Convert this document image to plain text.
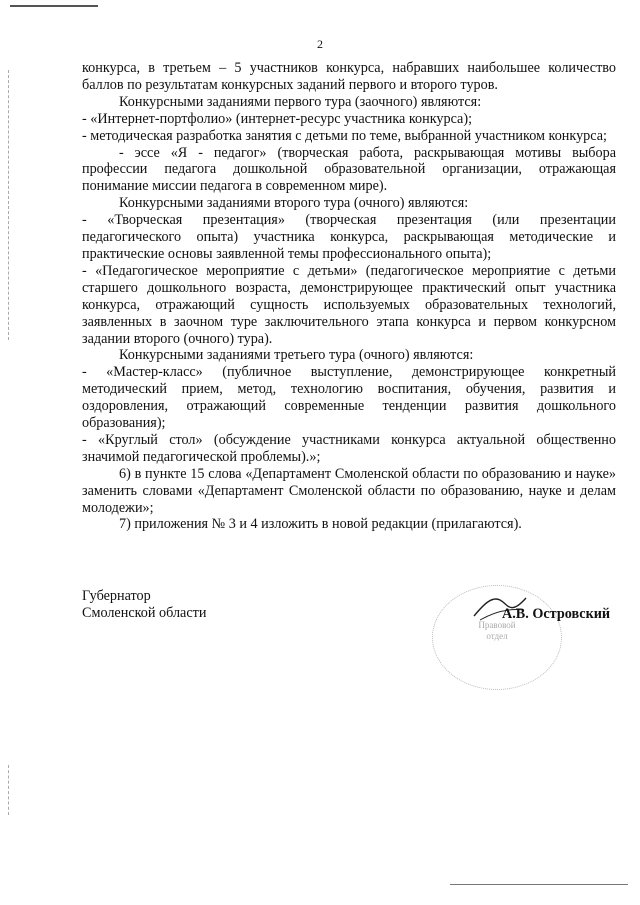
2

конкурса, в третьем – 5 участников конкурса, набравших наибольшее количество баллов по результатам конкурсных заданий первого и второго туров.

Конкурсными заданиями первого тура (заочного) являются:

- «Интернет-портфолио» (интернет-ресурс участника конкурса);

- методическая разработка занятия с детьми по теме, выбранной участником конкурса;

- эссе «Я - педагог» (творческая работа, раскрывающая мотивы выбора профессии педагога дошкольной образовательной организации, отражающая понимание миссии педагога в современном мире).

Конкурсными заданиями второго тура (очного) являются:

- «Творческая презентация» (творческая презентация (или презентации педагогического опыта) участника конкурса, раскрывающая методические и практические основы заявленной темы профессионального опыта);

- «Педагогическое мероприятие с детьми» (педагогическое мероприятие с детьми старшего дошкольного возраста, демонстрирующее практический опыт участника конкурса, отражающий сущность используемых образовательных технологий, заявленных в заочном туре заключительного этапа конкурса и первом конкурсном задании второго (очного) тура).

Конкурсными заданиями третьего тура (очного) являются:

- «Мастер-класс» (публичное выступление, демонстрирующее конкретный методический прием, метод, технологию воспитания, обучения, развития и оздоровления, отражающий современные тенденции развития дошкольного образования);

- «Круглый стол» (обсуждение участниками конкурса актуальной общественно значимой педагогической проблемы).»;

6) в пункте 15 слова «Департамент Смоленской области по образованию и науке» заменить словами «Департамент Смоленской области по образованию, науке и делам молодежи»;

7) приложения № 3 и 4 изложить в новой редакции (прилагаются).

Губернатор
Смоленской области
Правовой
отдел
А.В. Островский
